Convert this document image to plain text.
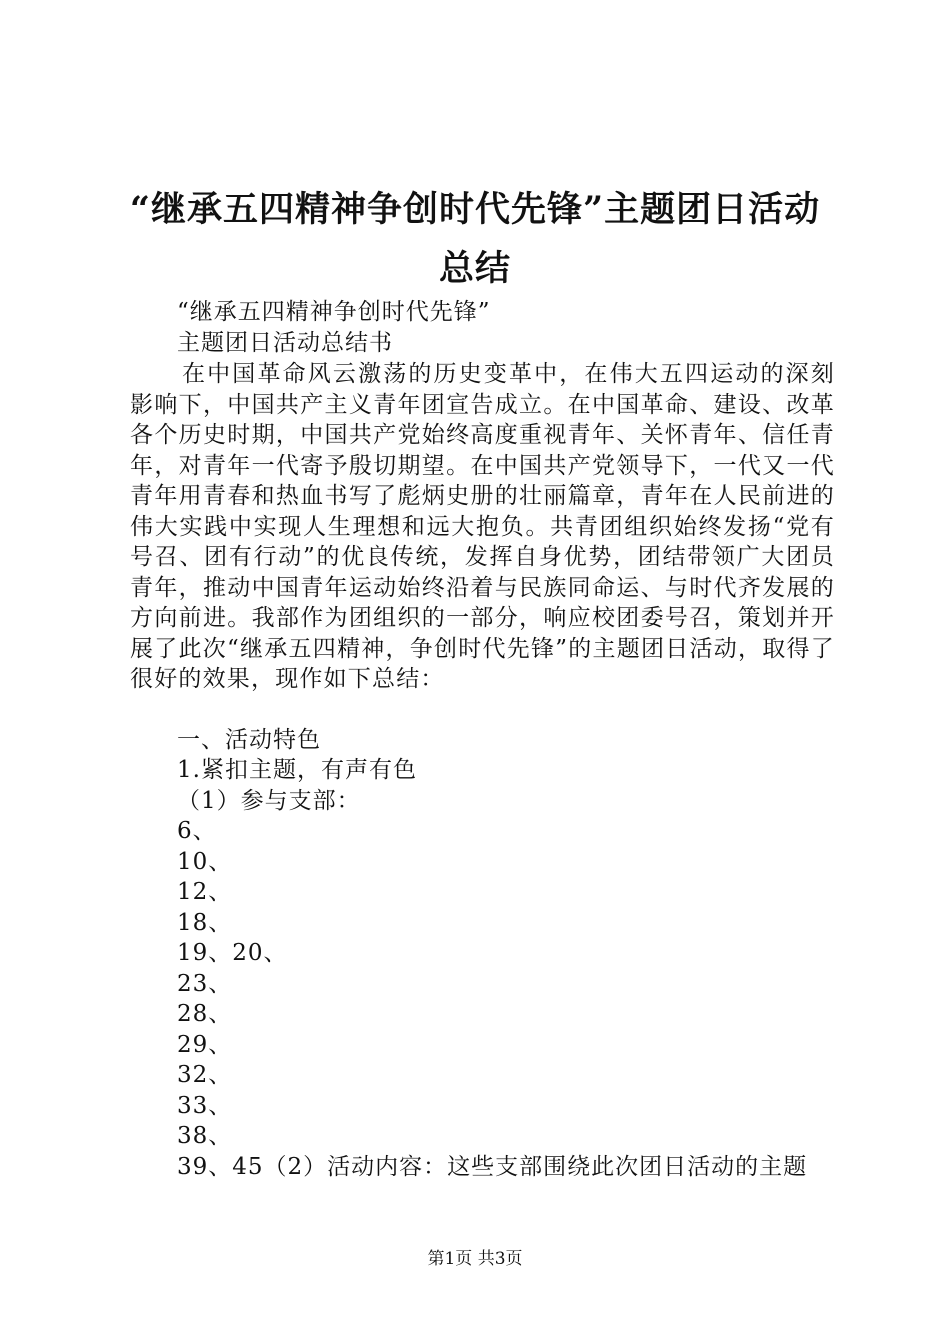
“继承五四精神争创时代先锋”主题团日活动
总结
“继承五四精神争创时代先锋”
主题团日活动总结书

在中国革命风云激荡的历史变革中，在伟大五四运动的深刻影响下，中国共产主义青年团宣告成立。在中国革命、建设、改革各个历史时期，中国共产党始终高度重视青年、关怀青年、信任青年，对青年一代寄予殷切期望。在中国共产党领导下，一代又一代青年用青春和热血书写了彪炳史册的壮丽篇章，青年在人民前进的伟大实践中实现人生理想和远大抱负。共青团组织始终发扬“党有号召、团有行动”的优良传统，发挥自身优势，团结带领广大团员青年，推动中国青年运动始终沿着与民族同命运、与时代齐发展的方向前进。我部作为团组织的一部分，响应校团委号召，策划并开展了此次“继承五四精神，争创时代先锋”的主题团日活动，取得了很好的效果，现作如下总结：

一、活动特色
1.紧扣主题，有声有色
（1）参与支部：
6、
10、
12、
18、
19、20、
23、
28、
29、
32、
33、
38、
39、45（2）活动内容：这些支部围绕此次团日活动的主题
第1页 共3页
